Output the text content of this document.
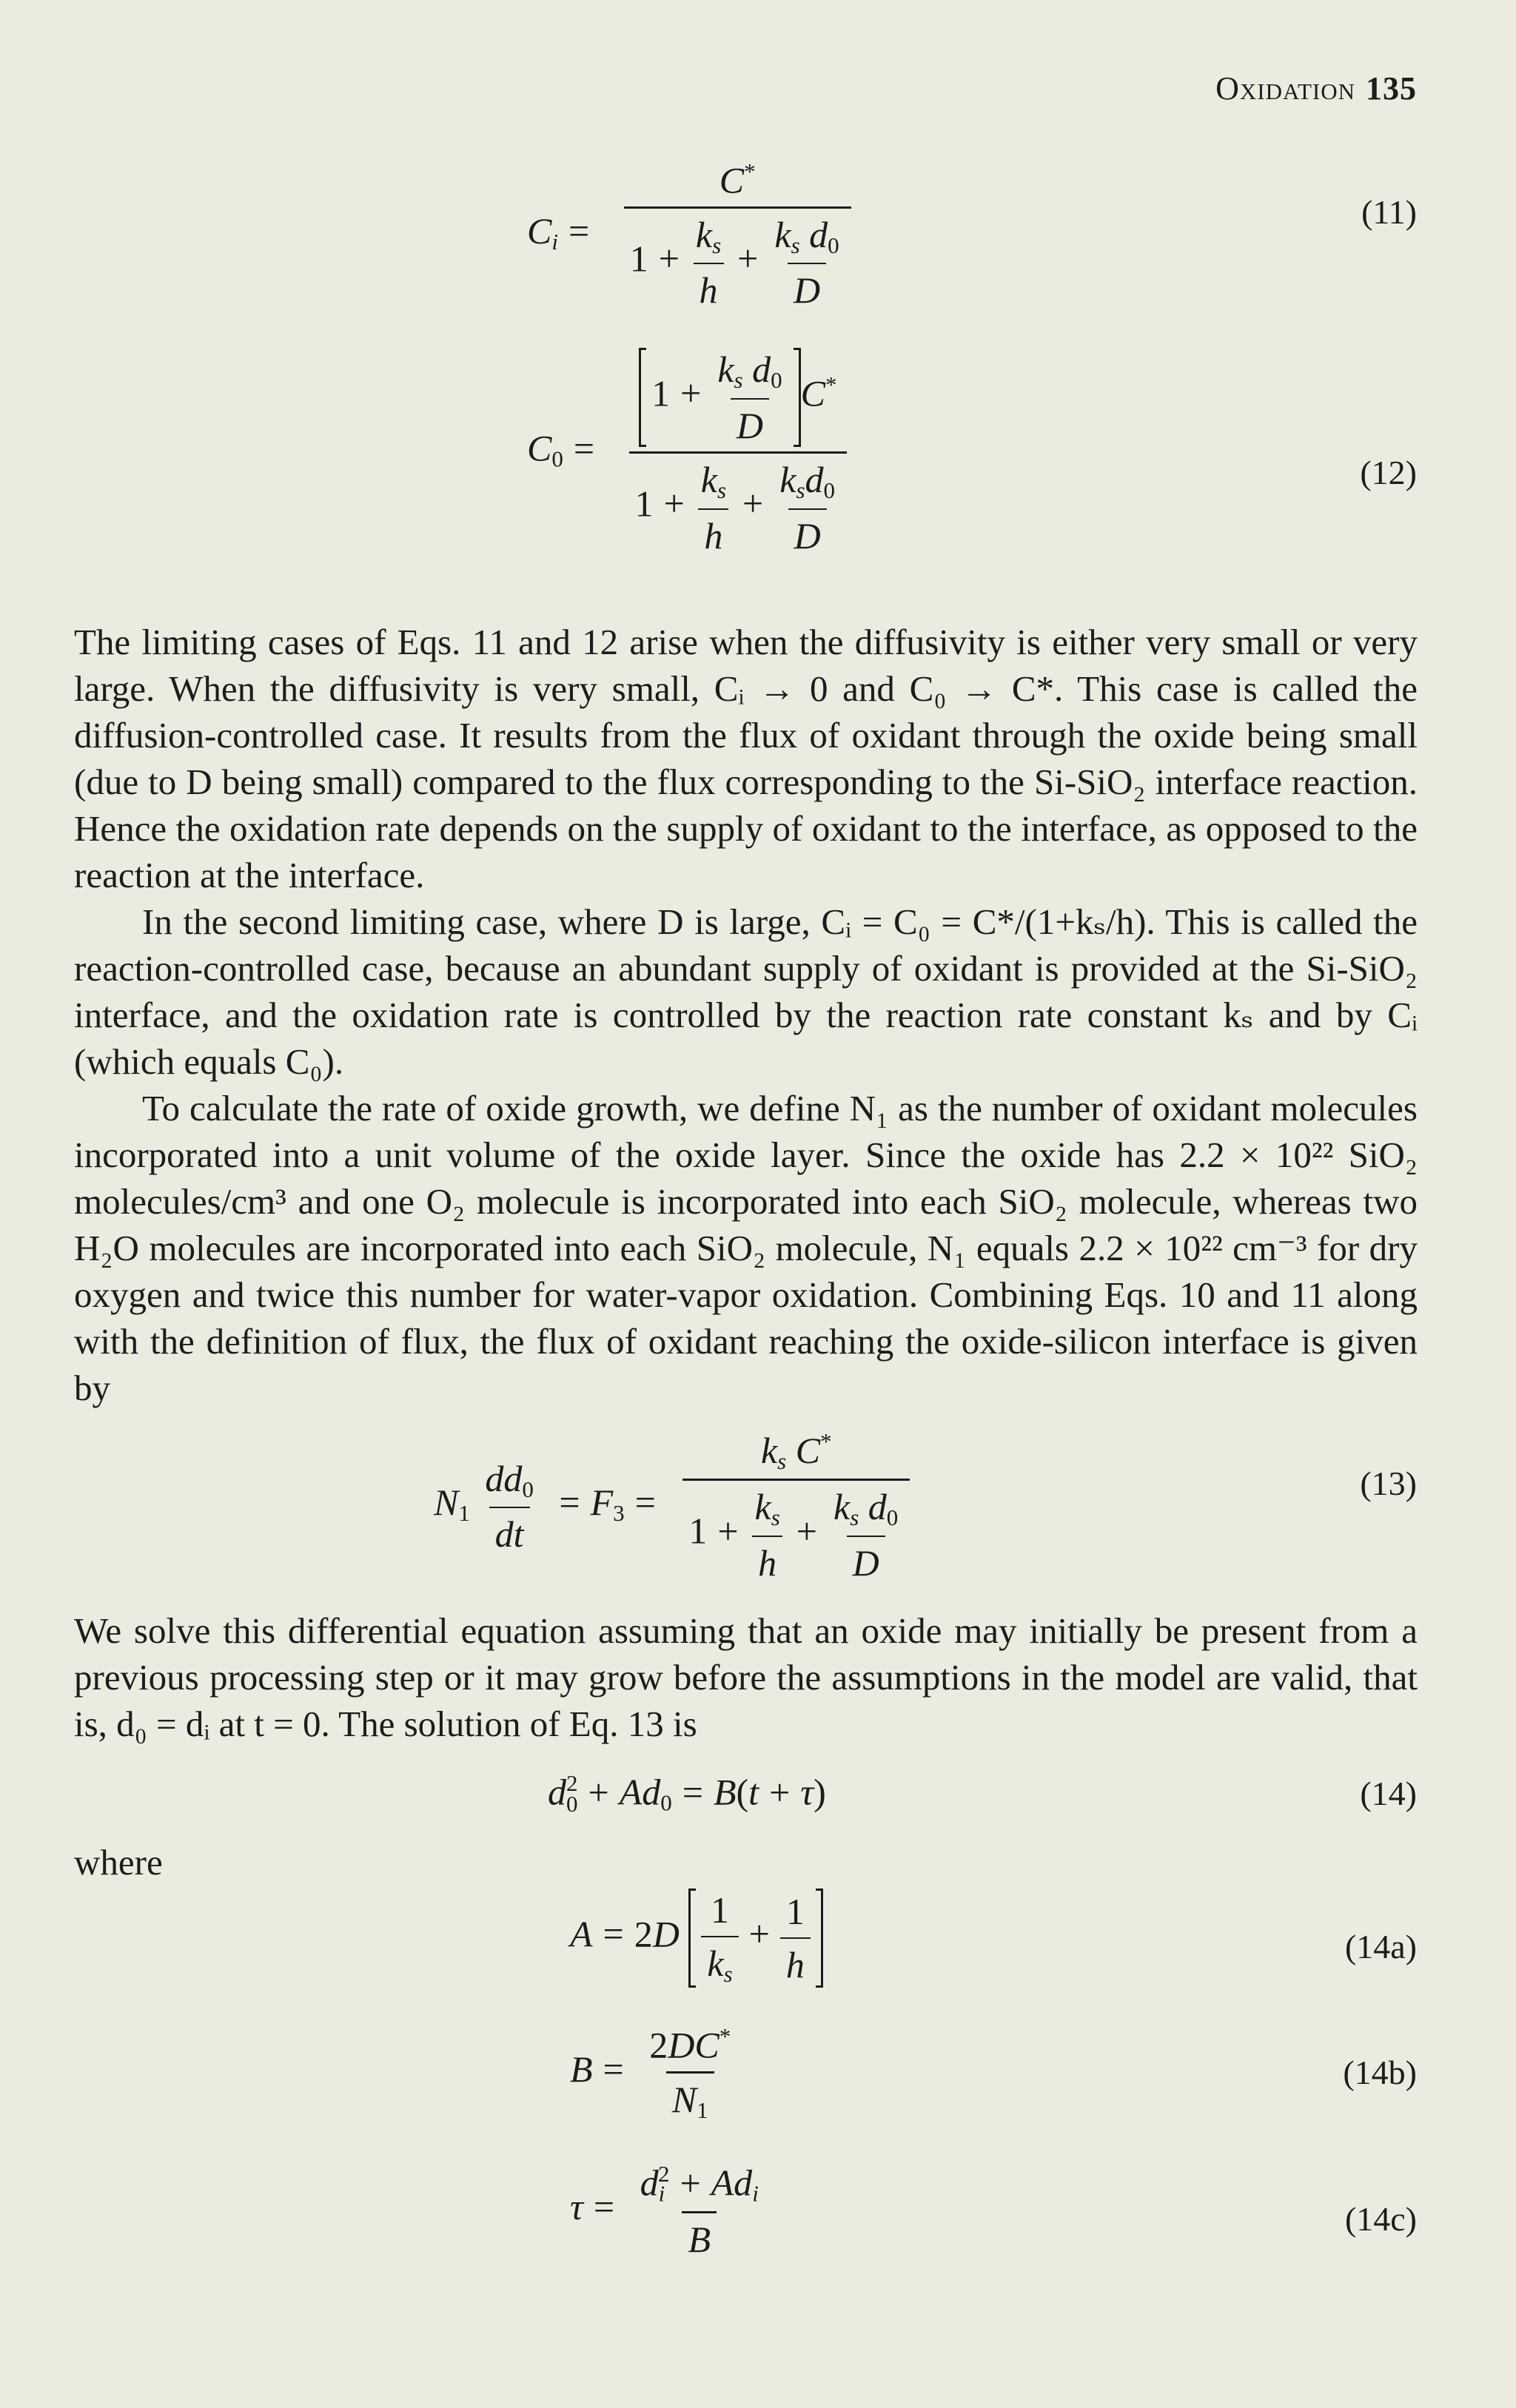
Oxidation 135
$C_i = \frac{C^*}{1 + \frac{k_s}{h} + \frac{k_s d_0}{D}}$	(11)
$C_0 = \frac{1 + \frac{k_s d_0}{D} C^*}{1 + \frac{k_s}{h} + \frac{k_sd_0}{D}}$	(12)

The limiting cases of Eqs. 11 and 12 arise when the diffusivity is either very small or very large. When the diffusivity is very small, Cᵢ → 0 and C₀ → C*. This case is called the diffusion-controlled case. It results from the flux of oxidant through the oxide being small (due to D being small) compared to the flux corresponding to the Si-SiO₂ interface reaction. Hence the oxidation rate depends on the supply of oxidant to the interface, as opposed to the reaction at the interface.

In the second limiting case, where D is large, Cᵢ = C₀ = C*/(1+kₛ/h). This is called the reaction-controlled case, because an abundant supply of oxidant is provided at the Si-SiO₂ interface, and the oxidation rate is controlled by the reaction rate constant kₛ and by Cᵢ (which equals C₀).

To calculate the rate of oxide growth, we define N₁ as the number of oxidant molecules incorporated into a unit volume of the oxide layer. Since the oxide has 2.2 × 10²² SiO₂ molecules/cm³ and one O₂ molecule is incorporated into each SiO₂ molecule, whereas two H₂O molecules are incorporated into each SiO₂ molecule, N₁ equals 2.2 × 10²² cm⁻³ for dry oxygen and twice this number for water-vapor oxidation. Combining Eqs. 10 and 11 along with the definition of flux, the flux of oxidant reaching the oxide-silicon interface is given by

$N_1 \frac{dd_0}{dt} = F_3 = \frac{k_s C^*}{1 + \frac{k_s}{h} + \frac{k_s d_0}{D}}$	(13)

We solve this differential equation assuming that an oxide may initially be present from a previous processing step or it may grow before the assumptions in the model are valid, that is, d₀ = dᵢ at t = 0. The solution of Eq. 13 is

$d_0^2 + Ad_0 = B(t + \tau)$	(14)
where
$A = 2D \frac{1}{k_s} + \frac{1}{h}$	(14a)
$B = \frac{2DC^*}{N_1}$	(14b)
$\tau = \frac{d_i^2 + Ad_i}{B}$	(14c)
